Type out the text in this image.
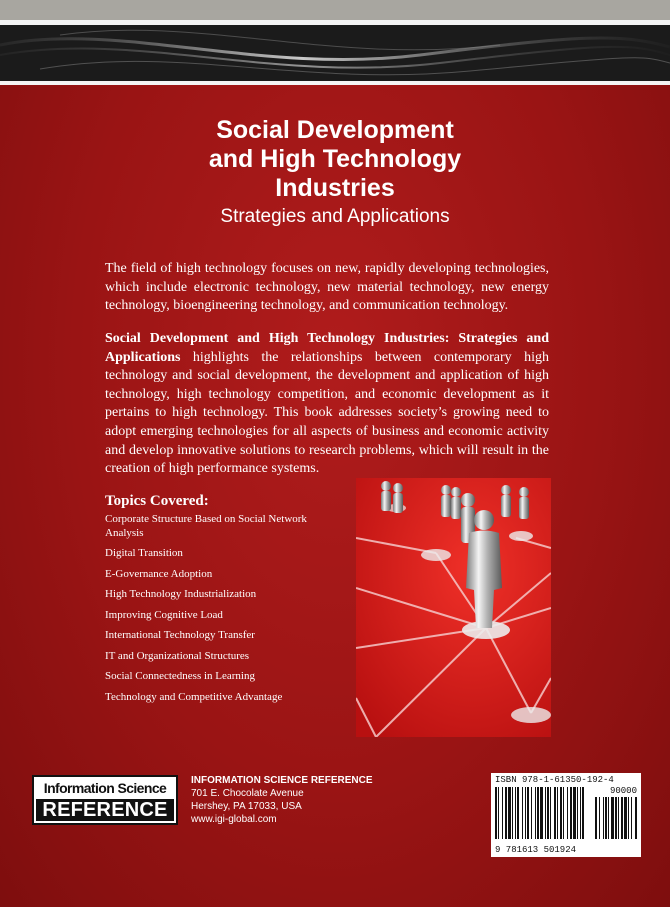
Social Development
and High Technology
Industries
Strategies and Applications

The field of high technology focuses on new, rapidly developing technologies, which include electronic technology, new material technology, new energy technology, bioengineering technology, and communication technology.

Social Development and High Technology Industries: Strategies and Applications highlights the relationships between contemporary high technology and social development, the development and application of high technology, high technology competition, and economic development as it pertains to high technology. This book addresses society’s growing need to adopt emerging technologies for all aspects of business and economic activity and develop innovative solutions to research problems, which will result in the creation of high performance systems.

Topics Covered:
Corporate Structure Based on Social Network Analysis
Digital Transition
E-Governance Adoption
High Technology Industrialization
Improving Cognitive Load
International Technology Transfer
IT and Organizational Structures
Social Connectedness in Learning
Technology and Competitive Advantage
Information Science
REFERENCE
INFORMATION SCIENCE REFERENCE
701 E. Chocolate Avenue
Hershey, PA 17033, USA
www.igi-global.com
ISBN 978-1-61350-192-4
90000
9 781613 501924
